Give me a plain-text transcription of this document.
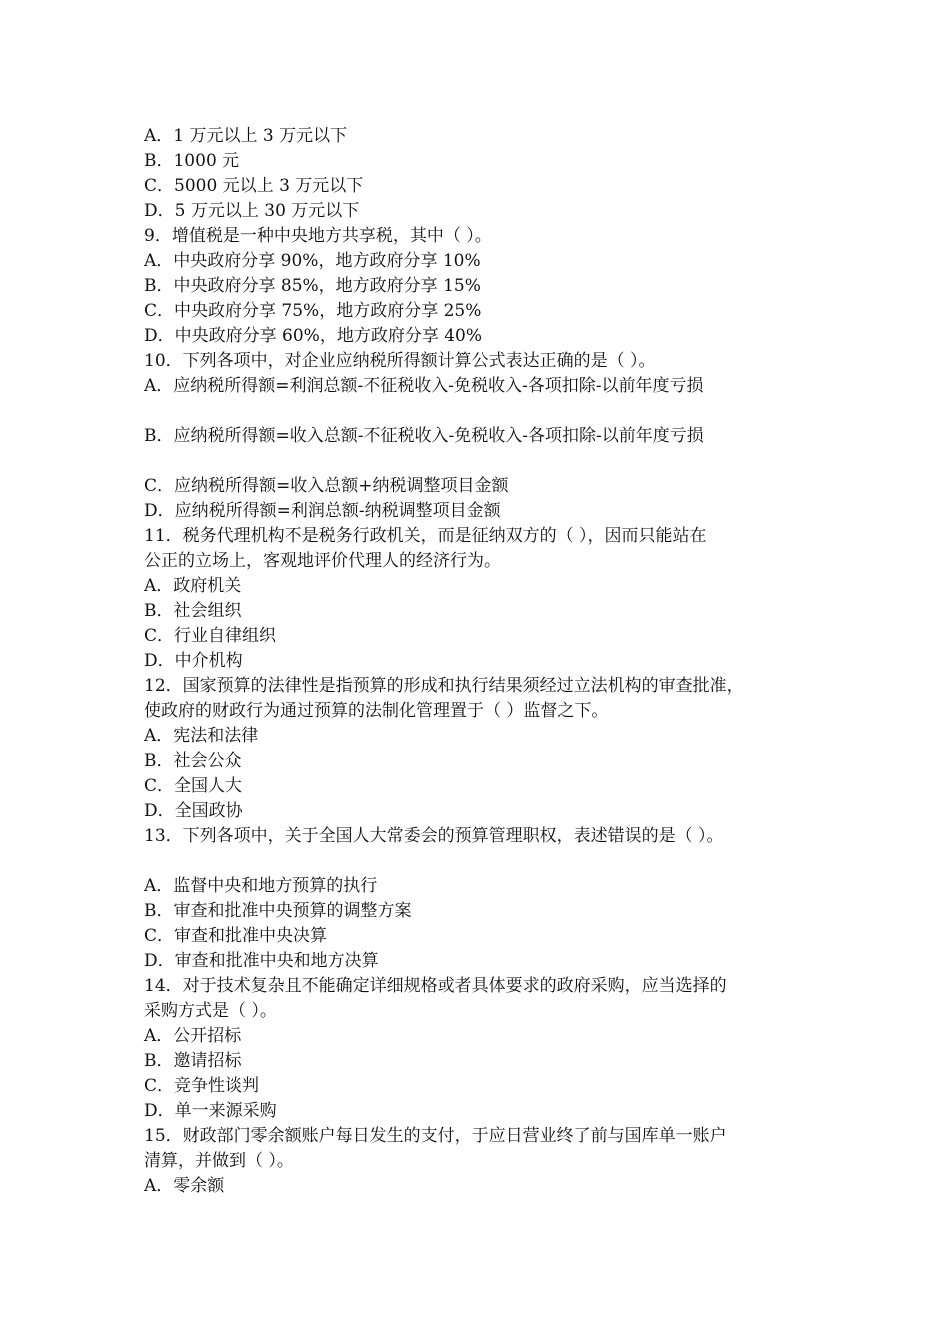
A．1 万元以上 3 万元以下
B．1000 元
C．5000 元以上 3 万元以下
D．5 万元以上 30 万元以下
9．增值税是一种中央地方共享税，其中（ ）。
A．中央政府分享 90%，地方政府分享 10%
B．中央政府分享 85%，地方政府分享 15%
C．中央政府分享 75%，地方政府分享 25%
D．中央政府分享 60%，地方政府分享 40%
10．下列各项中，对企业应纳税所得额计算公式表达正确的是（ ）。
A．应纳税所得额=利润总额-不征税收入-免税收入-各项扣除-以前年度亏损
B．应纳税所得额=收入总额-不征税收入-免税收入-各项扣除-以前年度亏损
C．应纳税所得额=收入总额+纳税调整项目金额
D．应纳税所得额=利润总额-纳税调整项目金额
11．税务代理机构不是税务行政机关，而是征纳双方的（ ），因而只能站在
公正的立场上，客观地评价代理人的经济行为。
A．政府机关
B．社会组织
C．行业自律组织
D．中介机构
12．国家预算的法律性是指预算的形成和执行结果须经过立法机构的审查批准，
使政府的财政行为通过预算的法制化管理置于（ ）监督之下。
A．宪法和法律
B．社会公众
C．全国人大
D．全国政协
13．下列各项中，关于全国人大常委会的预算管理职权，表述错误的是（ ）。
A．监督中央和地方预算的执行
B．审查和批准中央预算的调整方案
C．审查和批准中央决算
D．审查和批准中央和地方决算
14．对于技术复杂且不能确定详细规格或者具体要求的政府采购，应当选择的
采购方式是（ ）。
A．公开招标
B．邀请招标
C．竞争性谈判
D．单一来源采购
15．财政部门零余额账户每日发生的支付，于应日营业终了前与国库单一账户
清算，并做到（ ）。
A．零余额
